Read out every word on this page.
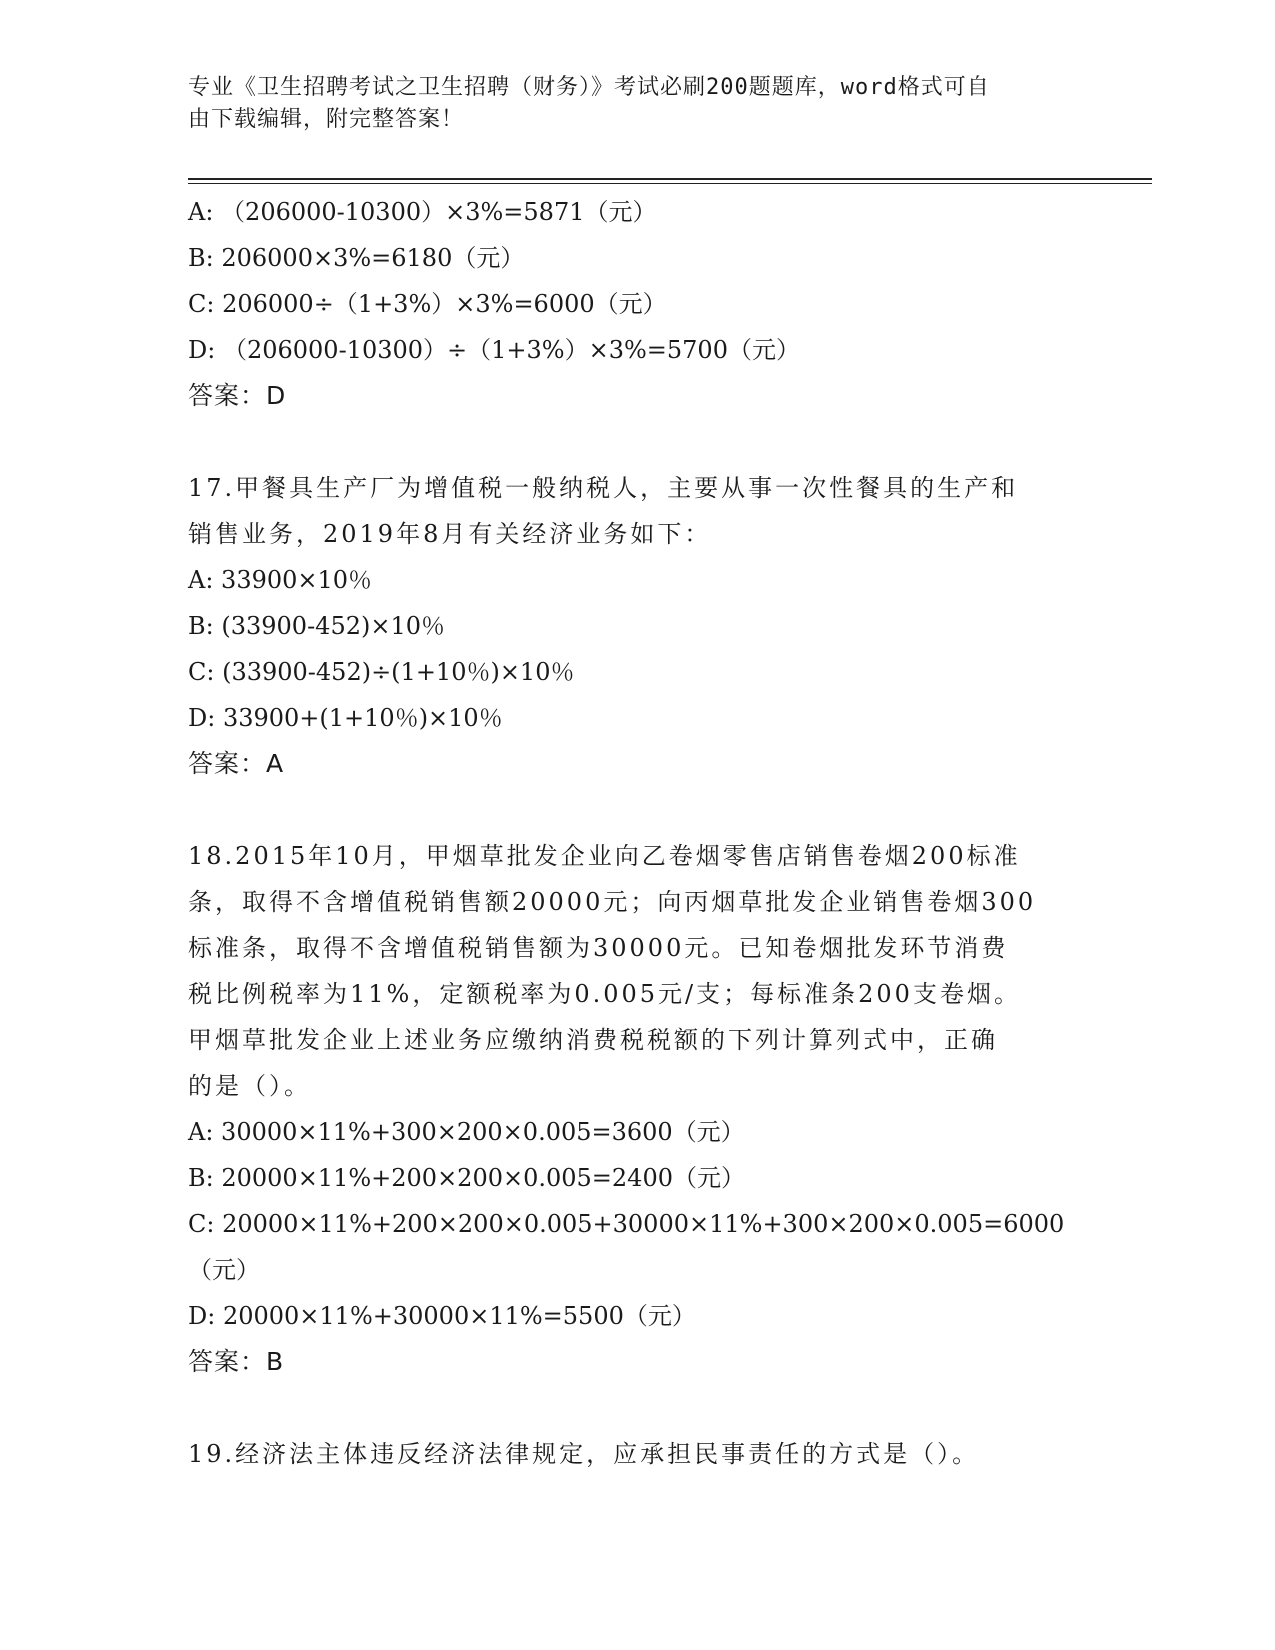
专业《卫生招聘考试之卫生招聘（财务）》考试必刷200题题库，word格式可自
由下载编辑，附完整答案！
A: （206000-10300）×3%=5871（元）
B: 206000×3%=6180（元）
C: 206000÷（1+3%）×3%=6000（元）
D: （206000-10300）÷（1+3%）×3%=5700（元）
答案：D
17.甲餐具生产厂为增值税一般纳税人，主要从事一次性餐具的生产和
销售业务，2019年8月有关经济业务如下：
A: 33900×10％
B: (33900-452)×10％
C: (33900-452)÷(1+10％)×10％
D: 33900+(1+10％)×10％
答案：A
18.2015年10月，甲烟草批发企业向乙卷烟零售店销售卷烟200标准
条，取得不含增值税销售额20000元；向丙烟草批发企业销售卷烟300
标准条，取得不含增值税销售额为30000元。已知卷烟批发环节消费
税比例税率为11%，定额税率为0.005元/支；每标准条200支卷烟。
甲烟草批发企业上述业务应缴纳消费税税额的下列计算列式中，正确
的是（）。
A: 30000×11%+300×200×0.005=3600（元）
B: 20000×11%+200×200×0.005=2400（元）
C: 20000×11%+200×200×0.005+30000×11%+300×200×0.005=6000
（元）
D: 20000×11%+30000×11%=5500（元）
答案：B
19.经济法主体违反经济法律规定，应承担民事责任的方式是（）。
